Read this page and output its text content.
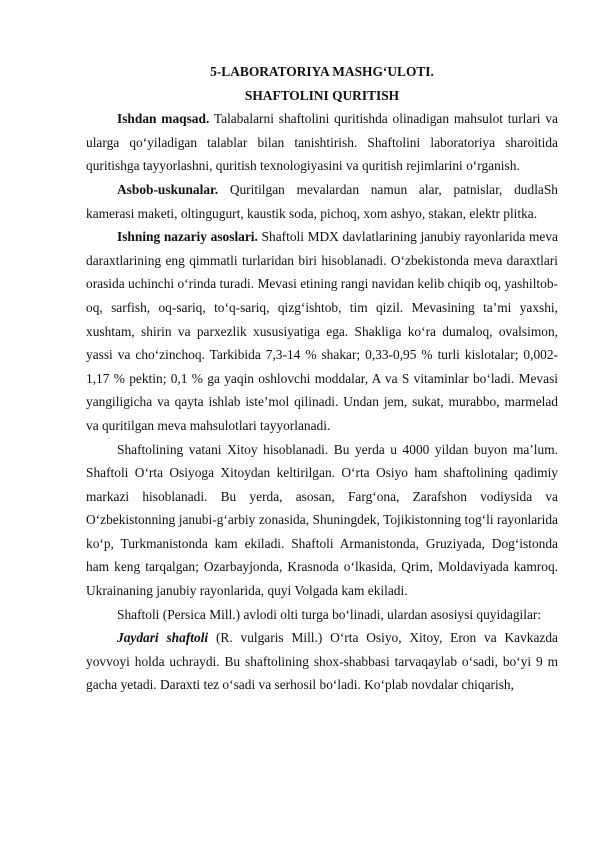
5-LABORATORIYA MASHG‘ULOTI.

SHAFTOLINI QURITISH

Ishdan maqsad. Talabalarni shaftolini quritishda olinadigan mahsulot turlari va ularga qo‘yiladigan talablar bilan tanishtirish. Shaftolini laboratoriya sharoitida quritishga tayyorlashni, quritish texnologiyasini va quritish rejimlarini o‘rganish.

Asbob-uskunalar. Quritilgan mevalardan namun alar, patnislar, dudlaSh kamerasi maketi, oltingugurt, kaustik soda, pichoq, xom ashyo, stakan, elektr plitka.

Ishning nazariy asoslari. Shaftoli MDX davlatlarining janubiy rayonlarida meva daraxtlarining eng qimmatli turlaridan biri hisoblanadi. O‘zbekistonda meva daraxtlari orasida uchinchi o‘rinda turadi. Mevasi etining rangi navidan kelib chiqib oq, yashiltob-oq, sarfish, oq-sariq, to‘q-sariq, qizg‘ishtob, tim qizil. Mevasining ta’mi yaxshi, xushtam, shirin va parxezlik xususiyatiga ega. Shakliga ko‘ra dumaloq, ovalsimon, yassi va cho‘zinchoq. Tarkibida 7,3-14 % shakar; 0,33-0,95 % turli kislotalar; 0,002-1,17 % pektin; 0,1 % ga yaqin oshlovchi moddalar, A va S vitaminlar bo‘ladi. Mevasi yangiligicha va qayta ishlab iste’mol qilinadi. Undan jem, sukat, murabbo, marmelad va quritilgan meva mahsulotlari tayyorlanadi.

Shaftolining vatani Xitoy hisoblanadi. Bu yerda u 4000 yildan buyon ma’lum. Shaftoli O‘rta Osiyoga Xitoydan keltirilgan. O‘rta Osiyo ham shaftolining qadimiy markazi hisoblanadi. Bu yerda, asosan, Farg‘ona, Zarafshon vodiysida va O‘zbekistonning janubi-g‘arbiy zonasida, Shuningdek, Tojikistonning tog‘li rayonlarida ko‘p, Turkmanistonda kam ekiladi. Shaftoli Armanistonda, Gruziyada, Dog‘istonda ham keng tarqalgan; Ozarbayjonda, Krasnoda o‘lkasida, Qrim, Moldaviyada kamroq. Ukrainaning janubiy rayonlarida, quyi Volgada kam ekiladi.

Shaftoli (Persica Mill.) avlodi olti turga bo‘linadi, ulardan asosiysi quyidagilar:

Jaydari shaftoli (R. vulgaris Mill.) O‘rta Osiyo, Xitoy, Eron va Kavkazda yovvoyi holda uchraydi. Bu shaftolining shox-shabbasi tarvaqaylab o‘sadi, bo‘yi 9 m gacha yetadi. Daraxti tez o‘sadi va serhosil bo‘ladi. Ko‘plab novdalar chiqarish,
